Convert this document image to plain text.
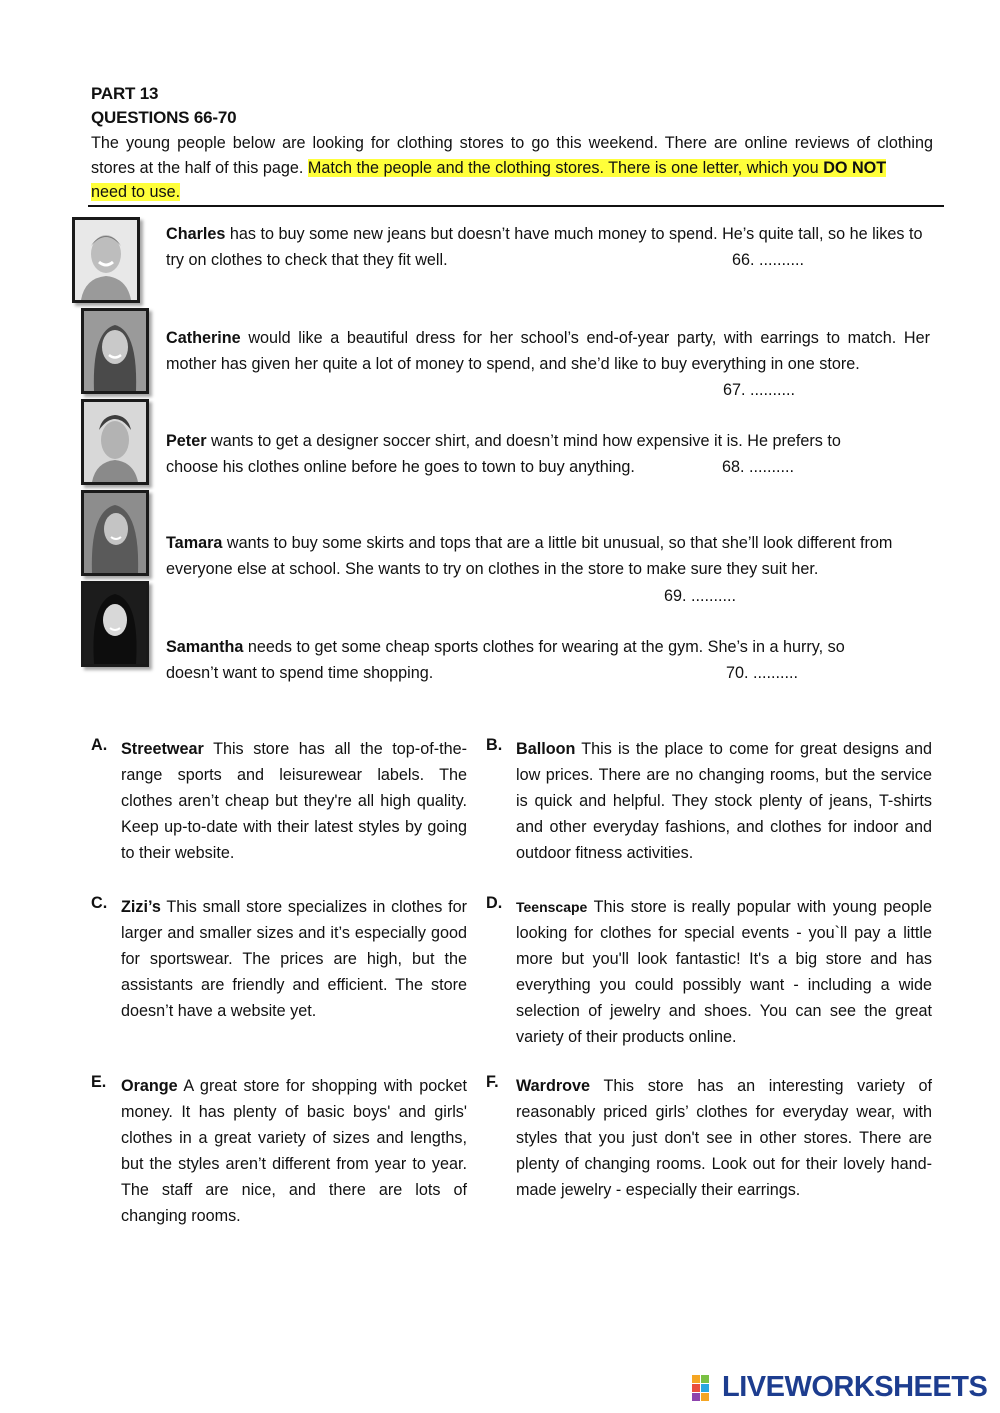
PART 13
QUESTIONS 66-70
The young people below are looking for clothing stores to go this weekend. There are online reviews of clothing stores at the half of this page. Match the people and the clothing stores. There is one letter, which you DO NOT
need to use.
Charles has to buy some new jeans but doesn’t have much money to spend. He’s quite tall, so he likes to try on clothes to check that they fit well.	66. ..........
Catherine would like a beautiful dress for her school’s end-of-year party, with earrings to match. Her mother has given her quite a lot of money to spend, and she’d like to buy everything in one store.
67. ..........
Peter wants to get a designer soccer shirt, and doesn’t mind how expensive it is. He prefers to choose his clothes online before he goes to town to buy anything.	68. ..........
Tamara wants to buy some skirts and tops that are a little bit unusual, so that she’ll look different from everyone else at school. She wants to try on clothes in the store to make sure they suit her.
69. ..........
Samantha needs to get some cheap sports clothes for wearing at the gym. She’s in a hurry, so doesn’t want to spend time shopping.	70. ..........
A. Streetwear This store has all the top-of-the-range sports and leisurewear labels. The clothes aren’t cheap but they're all high quality. Keep up-to-date with their latest styles by going to their website.
B. Balloon This is the place to come for great designs and low prices. There are no changing rooms, but the service is quick and helpful. They stock plenty of jeans, T-shirts and other everyday fashions, and clothes for indoor and outdoor fitness activities.
C. Zizi’s This small store specializes in clothes for larger and smaller sizes and it’s especially good for sportswear. The prices are high, but the assistants are friendly and efficient. The store doesn’t have a website yet.
D. Teenscape This store is really popular with young people looking for clothes for special events - you`ll pay a little more but you'll look fantastic! It's a big store and has everything you could possibly want - including a wide selection of jewelry and shoes. You can see the great variety of their products online.
E. Orange A great store for shopping with pocket money. It has plenty of basic boys' and girls' clothes in a great variety of sizes and lengths, but the styles aren’t different from year to year. The staff are nice, and there are lots of changing rooms.
F. Wardrove This store has an interesting variety of reasonably priced girls’ clothes for everyday wear, with styles that you just don't see in other stores. There are plenty of changing rooms. Look out for their lovely hand-made jewelry - especially their earrings.
LIVEWORKSHEETS
